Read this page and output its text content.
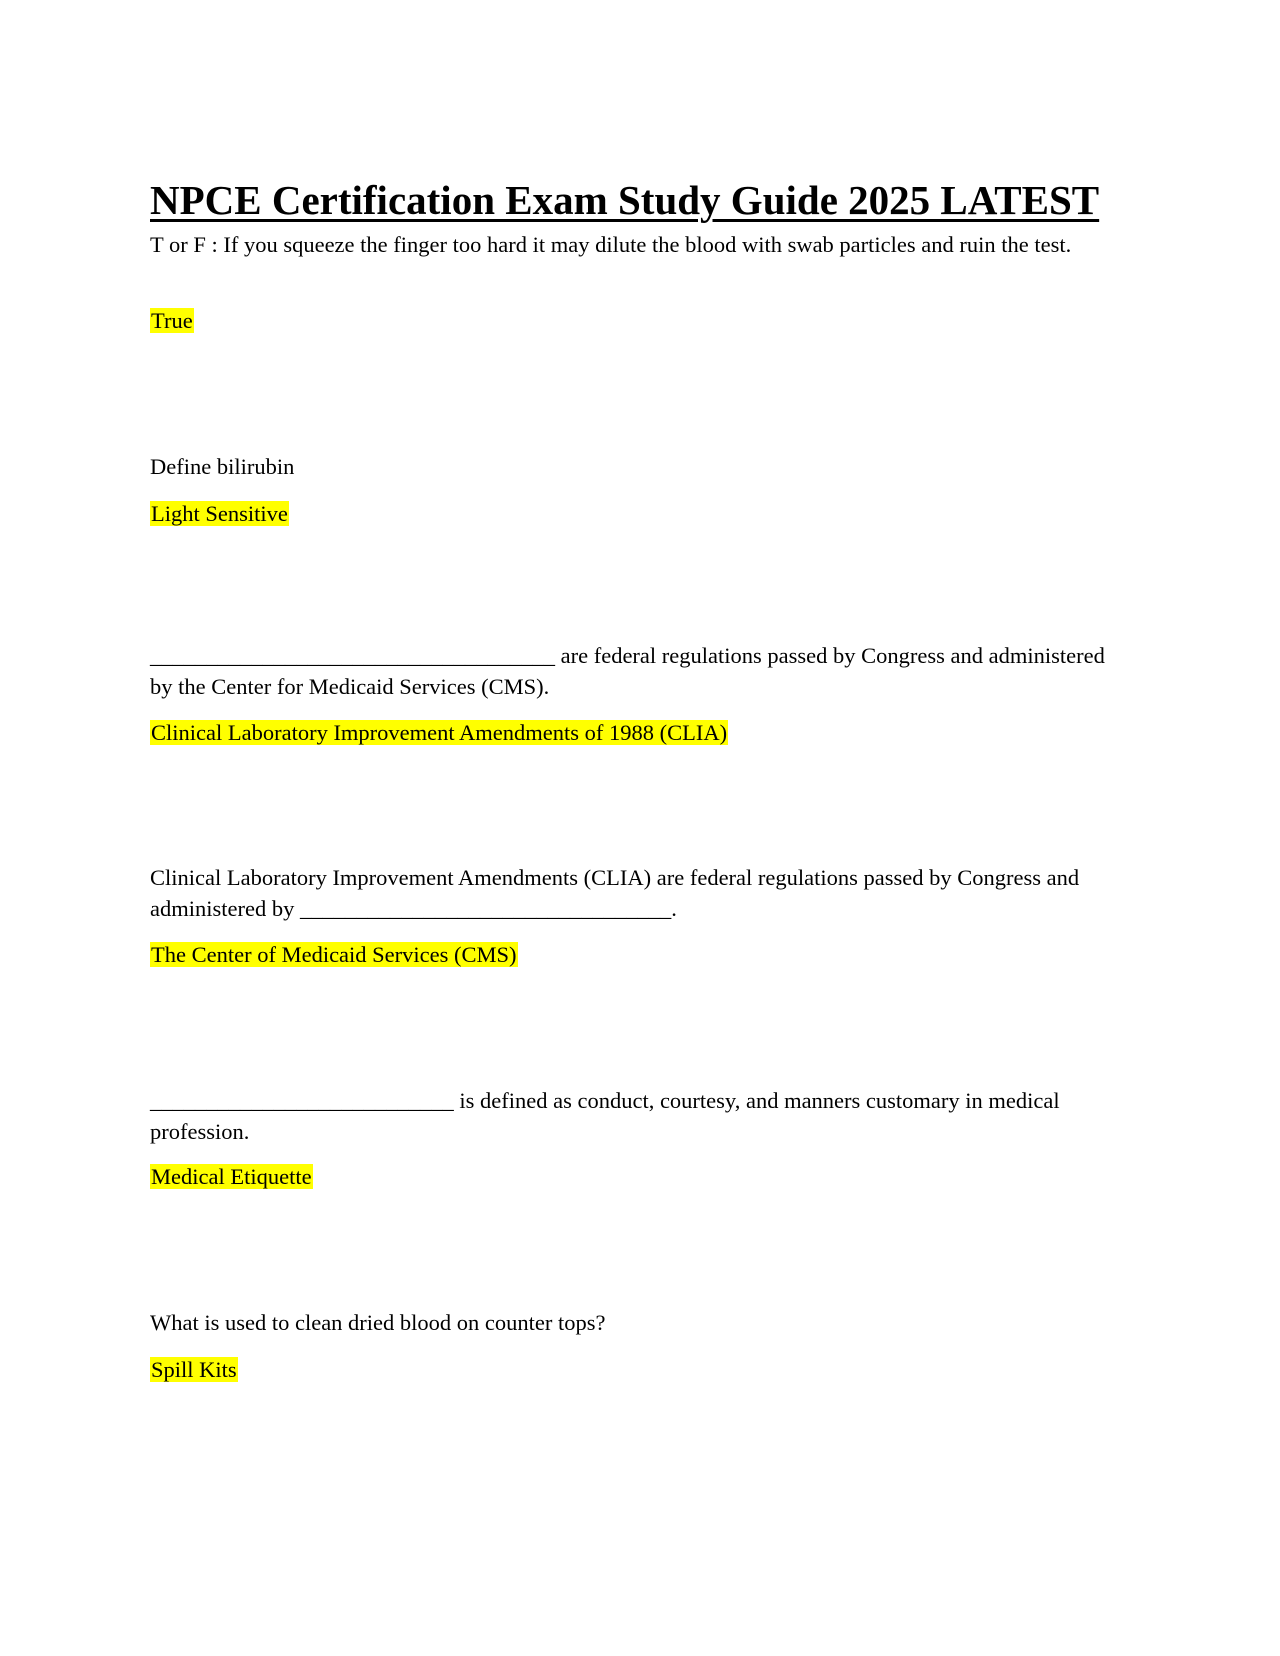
NPCE Certification Exam Study Guide 2025 LATEST

T or F : If you squeeze the finger too hard it may dilute the blood with swab particles and ruin the test.

True

Define bilirubin

Light Sensitive

____________________________________ are federal regulations passed by Congress and administered by the Center for Medicaid Services (CMS).

Clinical Laboratory Improvement Amendments of 1988 (CLIA)

Clinical Laboratory Improvement Amendments (CLIA) are federal regulations passed by Congress and administered by _________________________________.

The Center of Medicaid Services (CMS)

___________________________ is defined as conduct, courtesy, and manners customary in medical profession.

Medical Etiquette

What is used to clean dried blood on counter tops?

Spill Kits
